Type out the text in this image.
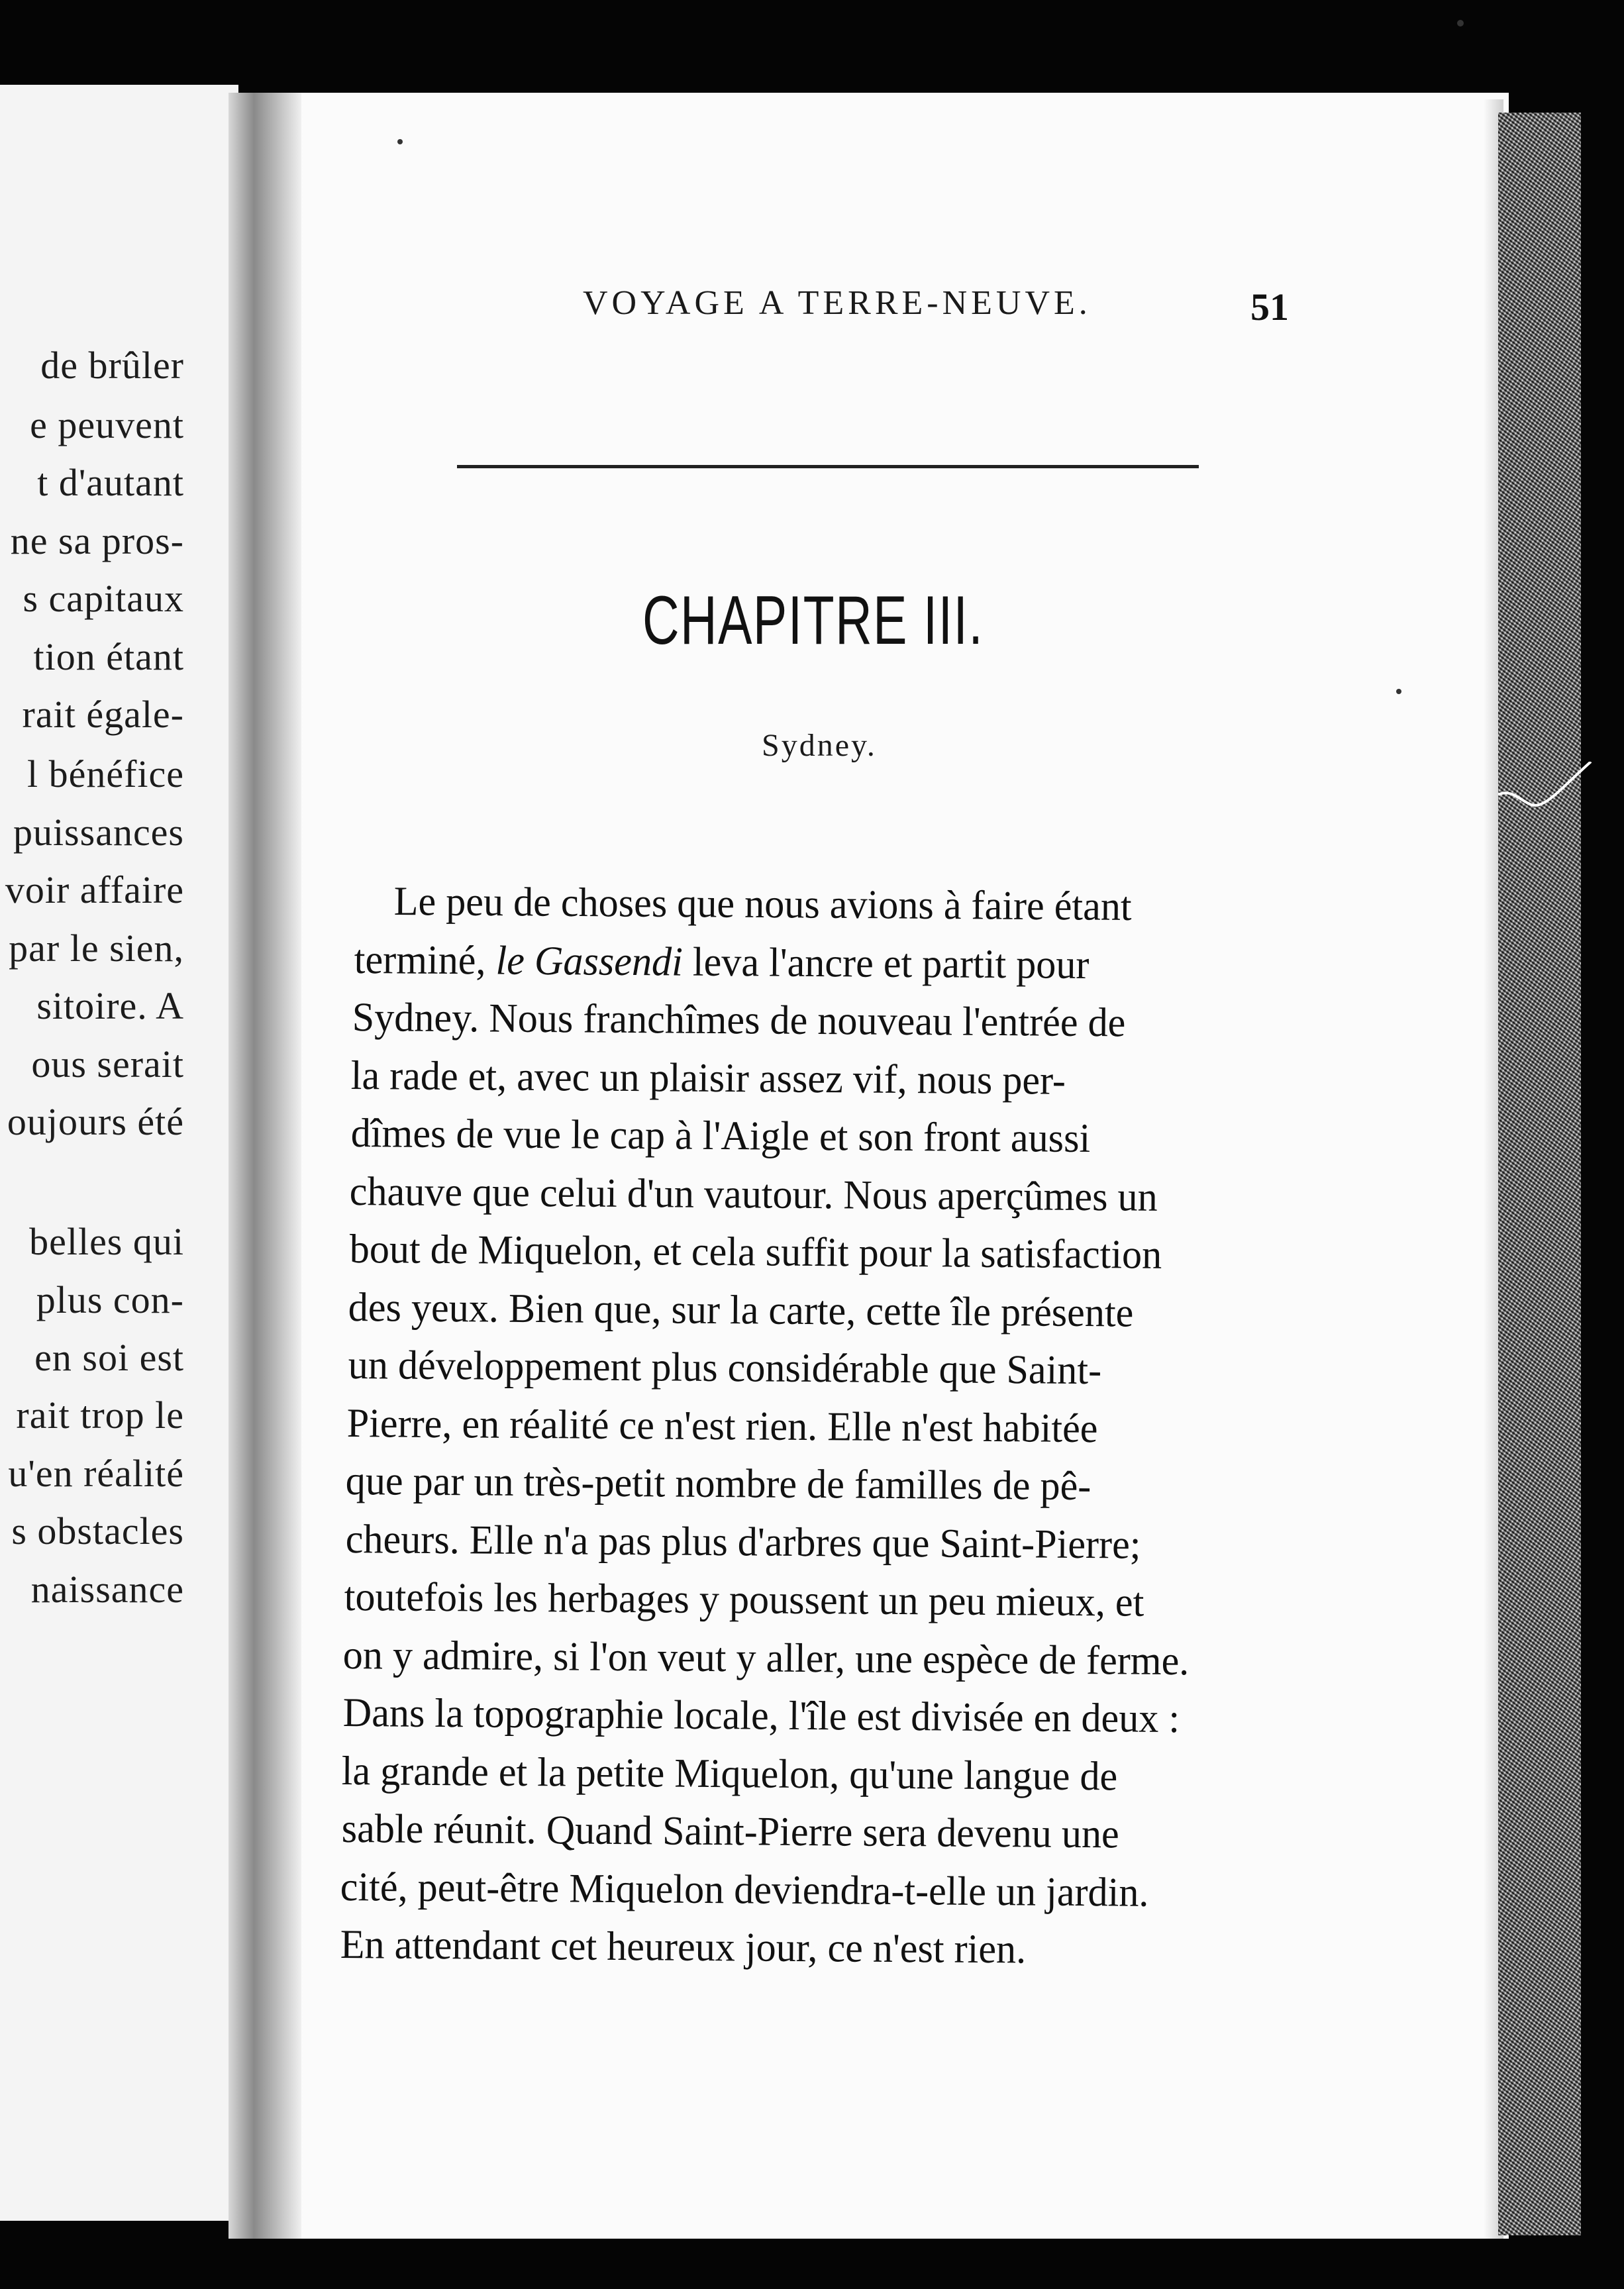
de brûler
e peuvent
t d'autant
ne sa pros-
s capitaux
tion étant
rait égale-
l bénéfice
puissances
voir affaire
par le sien,
sitoire. A
ous serait
oujours été
belles qui
plus con-
en soi est
rait trop le
u'en réalité
s obstacles
naissance
VOYAGE A TERRE-NEUVE.	51
CHAPITRE III.
Sydney.
Le peu de choses que nous avions à faire étant
terminé, le Gassendi leva l'ancre et partit pour
Sydney. Nous franchîmes de nouveau l'entrée de
la rade et, avec un plaisir assez vif, nous per-
dîmes de vue le cap à l'Aigle et son front aussi
chauve que celui d'un vautour. Nous aperçûmes un
bout de Miquelon, et cela suffit pour la satisfaction
des yeux. Bien que, sur la carte, cette île présente
un développement plus considérable que Saint-
Pierre, en réalité ce n'est rien. Elle n'est habitée
que par un très-petit nombre de familles de pê-
cheurs. Elle n'a pas plus d'arbres que Saint-Pierre;
toutefois les herbages y poussent un peu mieux, et
on y admire, si l'on veut y aller, une espèce de ferme.
Dans la topographie locale, l'île est divisée en deux :
la grande et la petite Miquelon, qu'une langue de
sable réunit. Quand Saint-Pierre sera devenu une
cité, peut-être Miquelon deviendra-t-elle un jardin.
En attendant cet heureux jour, ce n'est rien.
